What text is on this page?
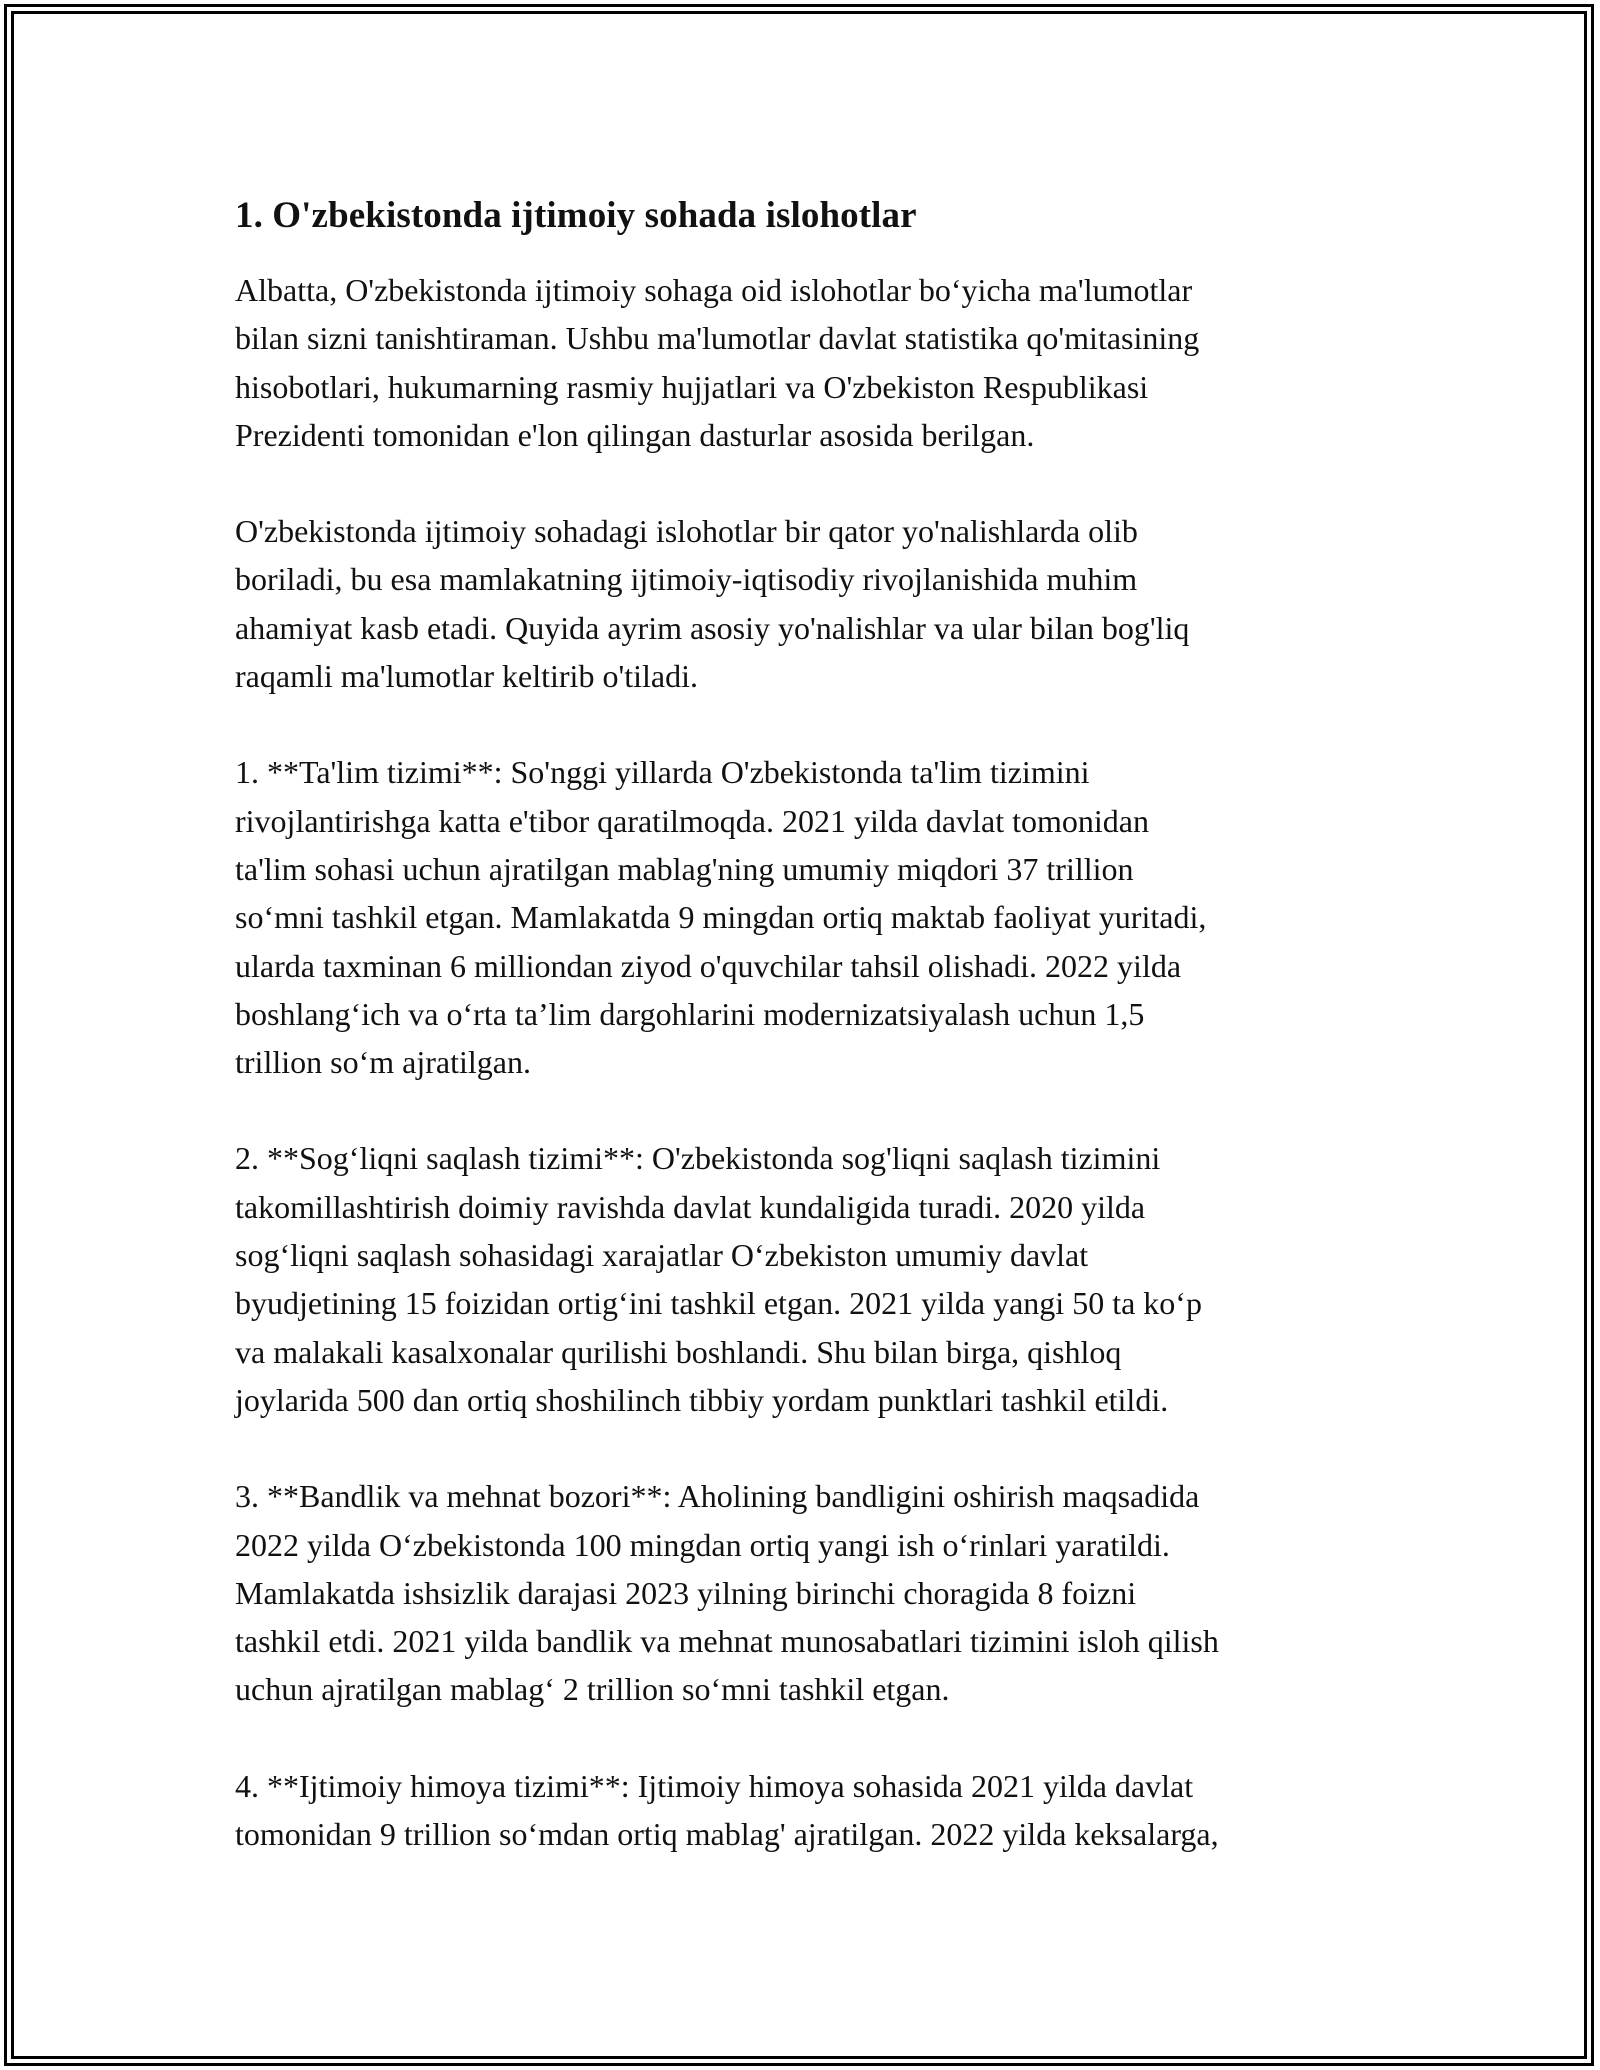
1. O'zbekistonda ijtimoiy sohada islohotlar

Albatta, O'zbekistonda ijtimoiy sohaga oid islohotlar bo‘yicha ma'lumotlar
bilan sizni tanishtiraman. Ushbu ma'lumotlar davlat statistika qo'mitasining
hisobotlari, hukumarning rasmiy hujjatlari va O'zbekiston Respublikasi
Prezidenti tomonidan e'lon qilingan dasturlar asosida berilgan.

O'zbekistonda ijtimoiy sohadagi islohotlar bir qator yo'nalishlarda olib
boriladi, bu esa mamlakatning ijtimoiy-iqtisodiy rivojlanishida muhim
ahamiyat kasb etadi. Quyida ayrim asosiy yo'nalishlar va ular bilan bog'liq
raqamli ma'lumotlar keltirib o'tiladi.

1. **Ta'lim tizimi**: So'nggi yillarda O'zbekistonda ta'lim tizimini
rivojlantirishga katta e'tibor qaratilmoqda. 2021 yilda davlat tomonidan
ta'lim sohasi uchun ajratilgan mablag'ning umumiy miqdori 37 trillion
so‘mni tashkil etgan. Mamlakatda 9 mingdan ortiq maktab faoliyat yuritadi,
ularda taxminan 6 milliondan ziyod o'quvchilar tahsil olishadi. 2022 yilda
boshlang‘ich va o‘rta ta’lim dargohlarini modernizatsiyalash uchun 1,5
trillion so‘m ajratilgan.

2. **Sog‘liqni saqlash tizimi**: O'zbekistonda sog'liqni saqlash tizimini
takomillashtirish doimiy ravishda davlat kundaligida turadi. 2020 yilda
sog‘liqni saqlash sohasidagi xarajatlar O‘zbekiston umumiy davlat
byudjetining 15 foizidan ortig‘ini tashkil etgan. 2021 yilda yangi 50 ta ko‘p
va malakali kasalxonalar qurilishi boshlandi. Shu bilan birga, qishloq
joylarida 500 dan ortiq shoshilinch tibbiy yordam punktlari tashkil etildi.

3. **Bandlik va mehnat bozori**: Aholining bandligini oshirish maqsadida
2022 yilda O‘zbekistonda 100 mingdan ortiq yangi ish o‘rinlari yaratildi.
Mamlakatda ishsizlik darajasi 2023 yilning birinchi choragida 8 foizni
tashkil etdi. 2021 yilda bandlik va mehnat munosabatlari tizimini isloh qilish
uchun ajratilgan mablag‘ 2 trillion so‘mni tashkil etgan.

4. **Ijtimoiy himoya tizimi**: Ijtimoiy himoya sohasida 2021 yilda davlat
tomonidan 9 trillion so‘mdan ortiq mablag' ajratilgan. 2022 yilda keksalarga,
